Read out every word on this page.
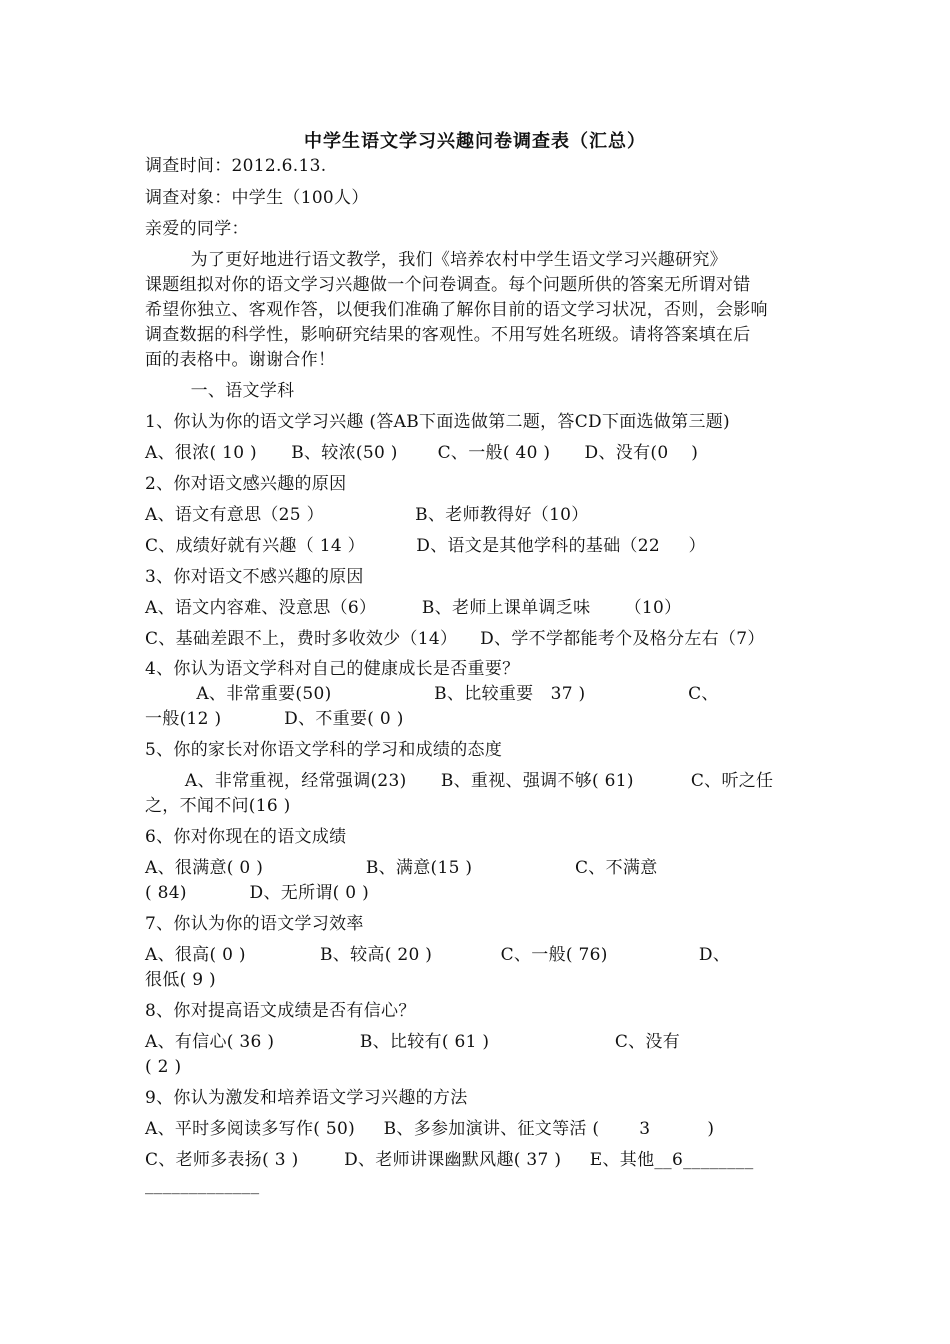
中学生语文学习兴趣问卷调查表（汇总）
调查时间：2012.6.13.
调查对象：中学生（100人）
亲爱的同学：
为了更好地进行语文教学，我们《培养农村中学生语文学习兴趣研究》
课题组拟对你的语文学习兴趣做一个问卷调查。每个问题所供的答案无所谓对错
希望你独立、客观作答，以便我们准确了解你目前的语文学习状况，否则，会影响
调查数据的科学性，影响研究结果的客观性。不用写姓名班级。请将答案填在后
面的表格中。谢谢合作！
一、语文学科
1、你认为你的语文学习兴趣 (答AB下面选做第二题，答CD下面选做第三题)
A、很浓( 10 )      B、较浓(50 )       C、一般( 40 )      D、没有(0    )
2、你对语文感兴趣的原因
A、语文有意思（25 ）                B、老师教得好（10）
C、成绩好就有兴趣（ 14 ）         D、语文是其他学科的基础（22     ）
3、你对语文不感兴趣的原因
A、语文内容难、没意思（6）        B、老师上课单调乏味      （10）
C、基础差跟不上，费时多收效少（14）    D、学不学都能考个及格分左右（7）
4、你认为语文学科对自己的健康成长是否重要？
A、非常重要(50)                  B、比较重要   37 )                  C、
一般(12 )           D、不重要( 0 )
5、你的家长对你语文学科的学习和成绩的态度
A、非常重视，经常强调(23)      B、重视、强调不够( 61)          C、听之任
之，不闻不问(16 )
6、你对你现在的语文成绩
A、很满意( 0 )                  B、满意(15 )                  C、不满意
( 84)           D、无所谓( 0 )
7、你认为你的语文学习效率
A、很高( 0 )             B、较高( 20 )            C、一般( 76)                D、
很低( 9 )
8、你对提高语文成绩是否有信心？
A、有信心( 36 )               B、比较有( 61 )                      C、没有
( 2 )
9、你认为激发和培养语文学习兴趣的方法
A、平时多阅读多写作( 50)     B、多参加演讲、征文等活 (       3          )
C、老师多表扬( 3 )        D、老师讲课幽默风趣( 37 )     E、其他__6________
_____________
